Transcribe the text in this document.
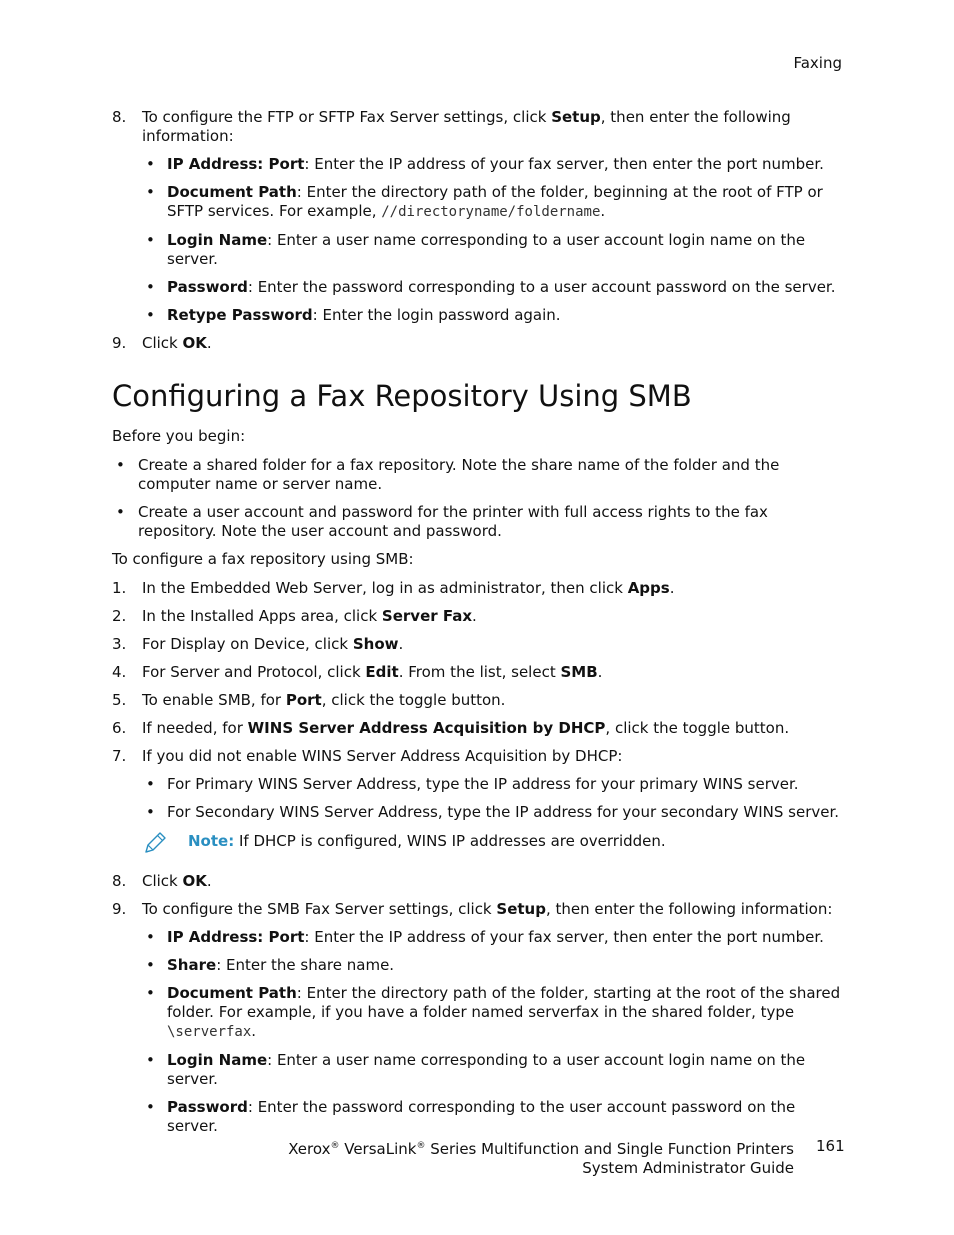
Faxing
8. To configure the FTP or SFTP Fax Server settings, click Setup, then enter the following information:
• IP Address: Port: Enter the IP address of your fax server, then enter the port number.
• Document Path: Enter the directory path of the folder, beginning at the root of FTP or SFTP services. For example, //directoryname/foldername.
• Login Name: Enter a user name corresponding to a user account login name on the server.
• Password: Enter the password corresponding to a user account password on the server.
• Retype Password: Enter the login password again.
9. Click OK.
Configuring a Fax Repository Using SMB

Before you begin:

• Create a shared folder for a fax repository. Note the share name of the folder and the computer name or server name.
• Create a user account and password for the printer with full access rights to the fax repository. Note the user account and password.

To configure a fax repository using SMB:

1. In the Embedded Web Server, log in as administrator, then click Apps.
2. In the Installed Apps area, click Server Fax.
3. For Display on Device, click Show.
4. For Server and Protocol, click Edit. From the list, select SMB.
5. To enable SMB, for Port, click the toggle button.
6. If needed, for WINS Server Address Acquisition by DHCP, click the toggle button.
7. If you did not enable WINS Server Address Acquisition by DHCP:
• For Primary WINS Server Address, type the IP address for your primary WINS server.
• For Secondary WINS Server Address, type the IP address for your secondary WINS server.
Note: If DHCP is configured, WINS IP addresses are overridden.
8. Click OK.
9. To configure the SMB Fax Server settings, click Setup, then enter the following information:
• IP Address: Port: Enter the IP address of your fax server, then enter the port number.
• Share: Enter the share name.
• Document Path: Enter the directory path of the folder, starting at the root of the shared folder. For example, if you have a folder named serverfax in the shared folder, type \serverfax.
• Login Name: Enter a user name corresponding to a user account login name on the server.
• Password: Enter the password corresponding to the user account password on the server.
Xerox® VersaLink® Series Multifunction and Single Function Printers
System Administrator Guide
161
